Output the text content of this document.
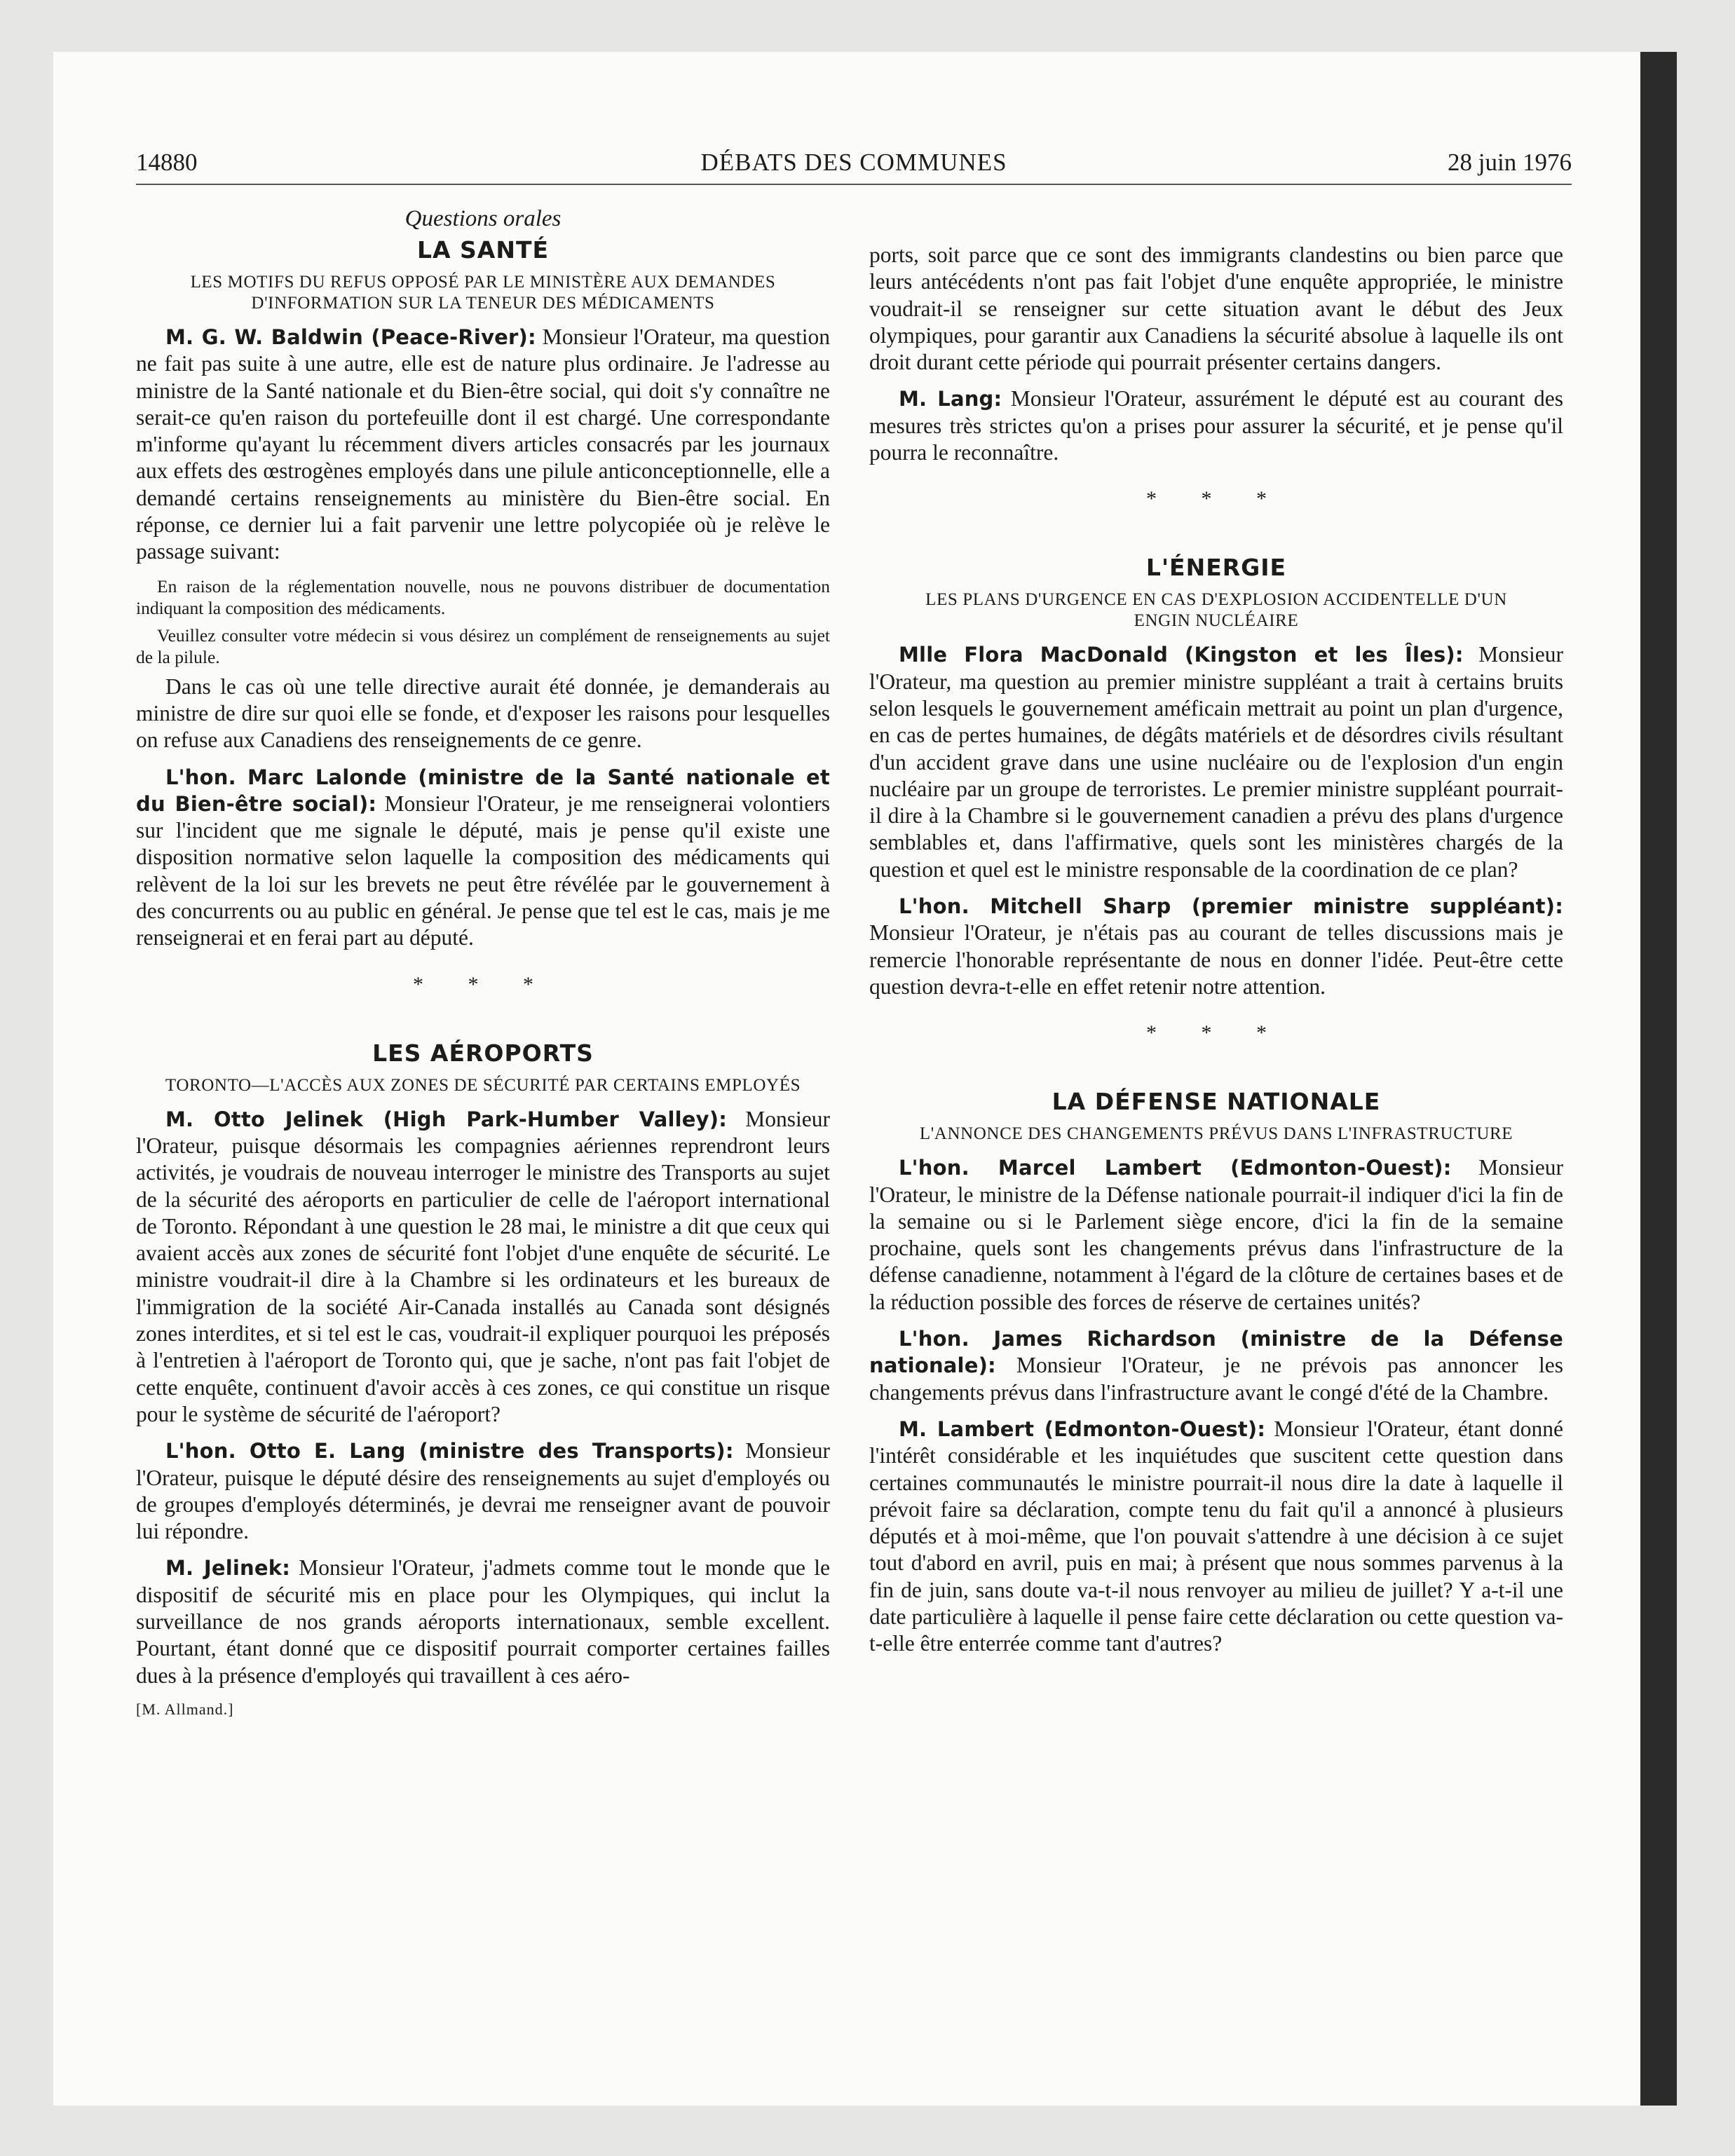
14880	DÉBATS DES COMMUNES	28 juin 1976
Questions orales
LA SANTÉ
LES MOTIFS DU REFUS OPPOSÉ PAR LE MINISTÈRE AUX DEMANDES D'INFORMATION SUR LA TENEUR DES MÉDICAMENTS

M. G. W. Baldwin (Peace-River): Monsieur l'Orateur, ma question ne fait pas suite à une autre, elle est de nature plus ordinaire. Je l'adresse au ministre de la Santé nationale et du Bien-être social, qui doit s'y connaître ne serait-ce qu'en raison du portefeuille dont il est chargé. Une correspondante m'informe qu'ayant lu récemment divers articles consacrés par les journaux aux effets des œstrogènes employés dans une pilule anticonceptionnelle, elle a demandé certains renseignements au ministère du Bien-être social. En réponse, ce dernier lui a fait parvenir une lettre polycopiée où je relève le passage suivant:

En raison de la réglementation nouvelle, nous ne pouvons distribuer de documentation indiquant la composition des médicaments.
Veuillez consulter votre médecin si vous désirez un complément de renseignements au sujet de la pilule.

Dans le cas où une telle directive aurait été donnée, je demanderais au ministre de dire sur quoi elle se fonde, et d'exposer les raisons pour lesquelles on refuse aux Canadiens des renseignements de ce genre.

L'hon. Marc Lalonde (ministre de la Santé nationale et du Bien-être social): Monsieur l'Orateur, je me renseignerai volontiers sur l'incident que me signale le député, mais je pense qu'il existe une disposition normative selon laquelle la composition des médicaments qui relèvent de la loi sur les brevets ne peut être révélée par le gouvernement à des concurrents ou au public en général. Je pense que tel est le cas, mais je me renseignerai et en ferai part au député.

* * *
LES AÉROPORTS
TORONTO—L'ACCÈS AUX ZONES DE SÉCURITÉ PAR CERTAINS EMPLOYÉS

M. Otto Jelinek (High Park-Humber Valley): Monsieur l'Orateur, puisque désormais les compagnies aériennes reprendront leurs activités, je voudrais de nouveau interroger le ministre des Transports au sujet de la sécurité des aéroports en particulier de celle de l'aéroport international de Toronto. Répondant à une question le 28 mai, le ministre a dit que ceux qui avaient accès aux zones de sécurité font l'objet d'une enquête de sécurité. Le ministre voudrait-il dire à la Chambre si les ordinateurs et les bureaux de l'immigration de la société Air-Canada installés au Canada sont désignés zones interdites, et si tel est le cas, voudrait-il expliquer pourquoi les préposés à l'entretien à l'aéroport de Toronto qui, que je sache, n'ont pas fait l'objet de cette enquête, continuent d'avoir accès à ces zones, ce qui constitue un risque pour le système de sécurité de l'aéroport?

L'hon. Otto E. Lang (ministre des Transports): Monsieur l'Orateur, puisque le député désire des renseignements au sujet d'employés ou de groupes d'employés déterminés, je devrai me renseigner avant de pouvoir lui répondre.

M. Jelinek: Monsieur l'Orateur, j'admets comme tout le monde que le dispositif de sécurité mis en place pour les Olympiques, qui inclut la surveillance de nos grands aéroports internationaux, semble excellent. Pourtant, étant donné que ce dispositif pourrait comporter certaines failles dues à la présence d'employés qui travaillent à ces aéro-

[M. Allmand.]

ports, soit parce que ce sont des immigrants clandestins ou bien parce que leurs antécédents n'ont pas fait l'objet d'une enquête appropriée, le ministre voudrait-il se renseigner sur cette situation avant le début des Jeux olympiques, pour garantir aux Canadiens la sécurité absolue à laquelle ils ont droit durant cette période qui pourrait présenter certains dangers.

M. Lang: Monsieur l'Orateur, assurément le député est au courant des mesures très strictes qu'on a prises pour assurer la sécurité, et je pense qu'il pourra le reconnaître.

* * *
L'ÉNERGIE
LES PLANS D'URGENCE EN CAS D'EXPLOSION ACCIDENTELLE D'UN ENGIN NUCLÉAIRE

Mlle Flora MacDonald (Kingston et les Îles): Monsieur l'Orateur, ma question au premier ministre suppléant a trait à certains bruits selon lesquels le gouvernement améficain mettrait au point un plan d'urgence, en cas de pertes humaines, de dégâts matériels et de désordres civils résultant d'un accident grave dans une usine nucléaire ou de l'explosion d'un engin nucléaire par un groupe de terroristes. Le premier ministre suppléant pourrait-il dire à la Chambre si le gouvernement canadien a prévu des plans d'urgence semblables et, dans l'affirmative, quels sont les ministères chargés de la question et quel est le ministre responsable de la coordination de ce plan?

L'hon. Mitchell Sharp (premier ministre suppléant): Monsieur l'Orateur, je n'étais pas au courant de telles discussions mais je remercie l'honorable représentante de nous en donner l'idée. Peut-être cette question devra-t-elle en effet retenir notre attention.

* * *
LA DÉFENSE NATIONALE
L'ANNONCE DES CHANGEMENTS PRÉVUS DANS L'INFRASTRUCTURE

L'hon. Marcel Lambert (Edmonton-Ouest): Monsieur l'Orateur, le ministre de la Défense nationale pourrait-il indiquer d'ici la fin de la semaine ou si le Parlement siège encore, d'ici la fin de la semaine prochaine, quels sont les changements prévus dans l'infrastructure de la défense canadienne, notamment à l'égard de la clôture de certaines bases et de la réduction possible des forces de réserve de certaines unités?

L'hon. James Richardson (ministre de la Défense nationale): Monsieur l'Orateur, je ne prévois pas annoncer les changements prévus dans l'infrastructure avant le congé d'été de la Chambre.

M. Lambert (Edmonton-Ouest): Monsieur l'Orateur, étant donné l'intérêt considérable et les inquiétudes que suscitent cette question dans certaines communautés le ministre pourrait-il nous dire la date à laquelle il prévoit faire sa déclaration, compte tenu du fait qu'il a annoncé à plusieurs députés et à moi-même, que l'on pouvait s'attendre à une décision à ce sujet tout d'abord en avril, puis en mai; à présent que nous sommes parvenus à la fin de juin, sans doute va-t-il nous renvoyer au milieu de juillet? Y a-t-il une date particulière à laquelle il pense faire cette déclaration ou cette question va-t-elle être enterrée comme tant d'autres?
